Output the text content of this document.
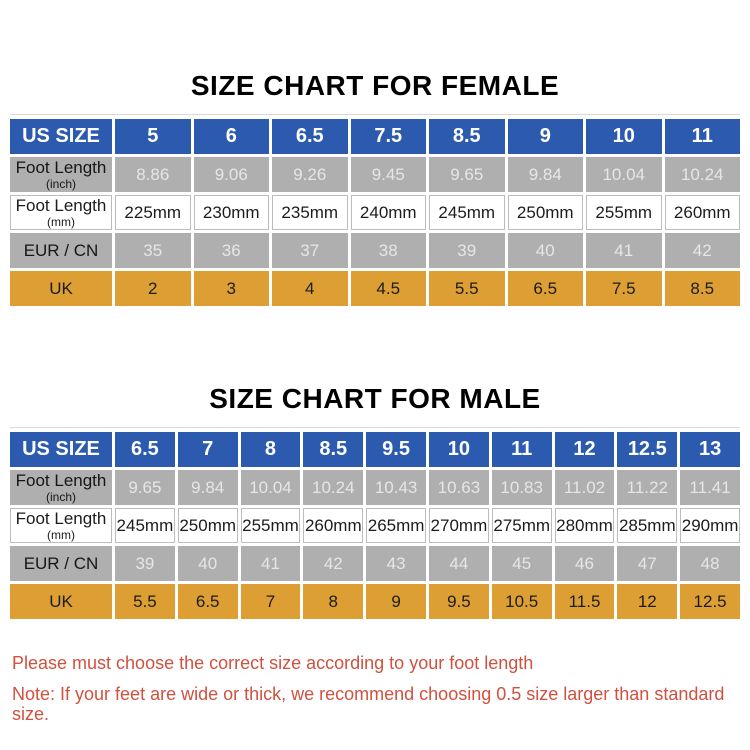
SIZE CHART FOR FEMALE
US SIZE	5	6	6.5	7.5	8.5	9	10	11
Foot Length
(inch)
8.86	9.06	9.26	9.45	9.65	9.84	10.04	10.24
Foot Length
(mm)
225mm	230mm	235mm	240mm	245mm	250mm	255mm	260mm
EUR / CN	35	36	37	38	39	40	41	42
UK	2	3	4	4.5	5.5	6.5	7.5	8.5
SIZE CHART FOR MALE
US SIZE	6.5	7	8	8.5	9.5	10	11	12	12.5	13
Foot Length
(inch)
9.65	9.84	10.04	10.24	10.43	10.63	10.83	11.02	11.22	11.41
Foot Length
(mm)
245mm 250mm 255mm 260mm 265mm 270mm 275mm 280mm 285mm 290mm
EUR / CN	39	40	41	42	43	44	45	46	47	48
UK	5.5	6.5	7	8	9	9.5	10.5	11.5	12	12.5

Please must choose the correct size according to your foot length

Note: If your feet are wide or thick, we recommend choosing 0.5 size larger than standard size.
